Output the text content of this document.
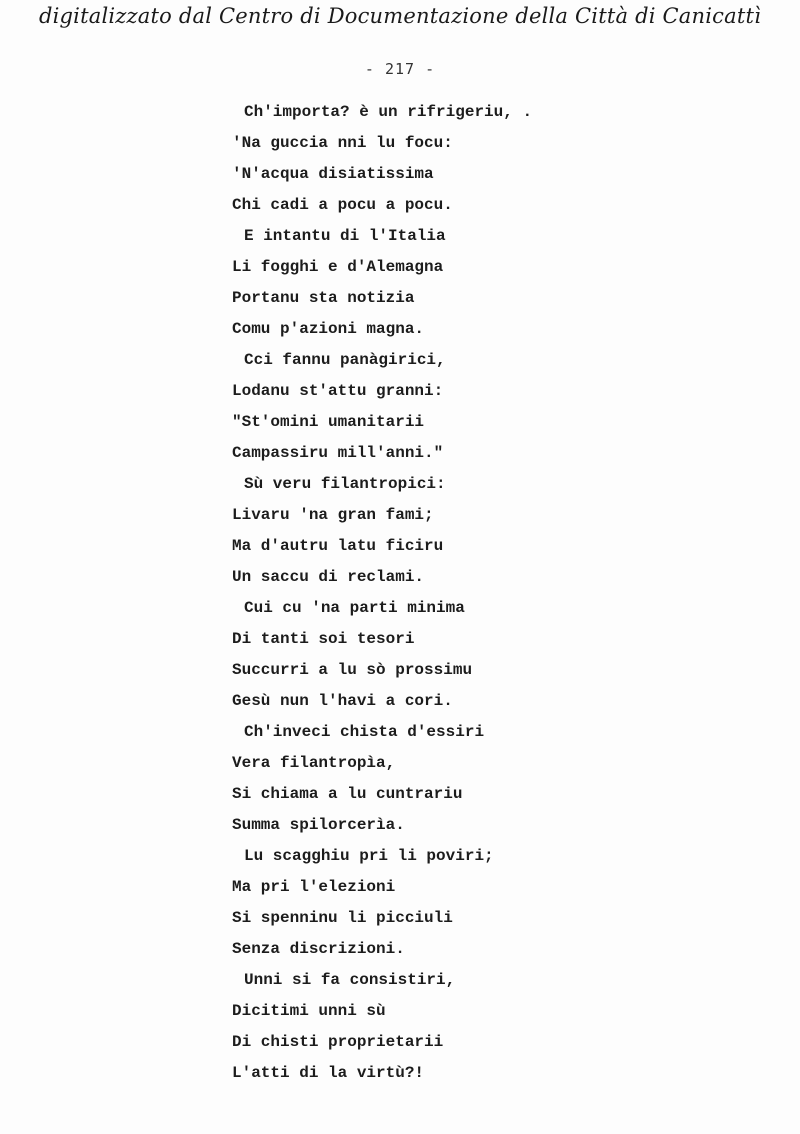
digitalizzato dal Centro di Documentazione della Città di Canicattì
- 217 -
Ch'importa? è un rifrigeriu, .
'Na guccia nni lu focu:
'N'acqua disiatissima
Chi cadi a pocu a pocu.
E intantu di l'Italia
Li fogghi e d'Alemagna
Portanu sta notizia
Comu p'azioni magna.
Cci fannu panàgirici,
Lodanu st'attu granni:
"St'omini umanitarii
Campassiru mill'anni."
Sù veru filantropici:
Livaru 'na gran fami;
Ma d'autru latu ficiru
Un saccu di reclami.
Cui cu 'na parti minima
Di tanti soi tesori
Succurri a lu sò prossimu
Gesù nun l'havi a cori.
Ch'inveci chista d'essiri
Vera filantropìa,
Si chiama a lu cuntrariu
Summa spilorcerìa.
Lu scagghiu pri li poviri;
Ma pri l'elezioni
Si spenninu li picciuli
Senza discrizioni.
Unni si fa consistiri,
Dicitimi unni sù
Di chisti proprietarii
L'atti di la virtù?!
